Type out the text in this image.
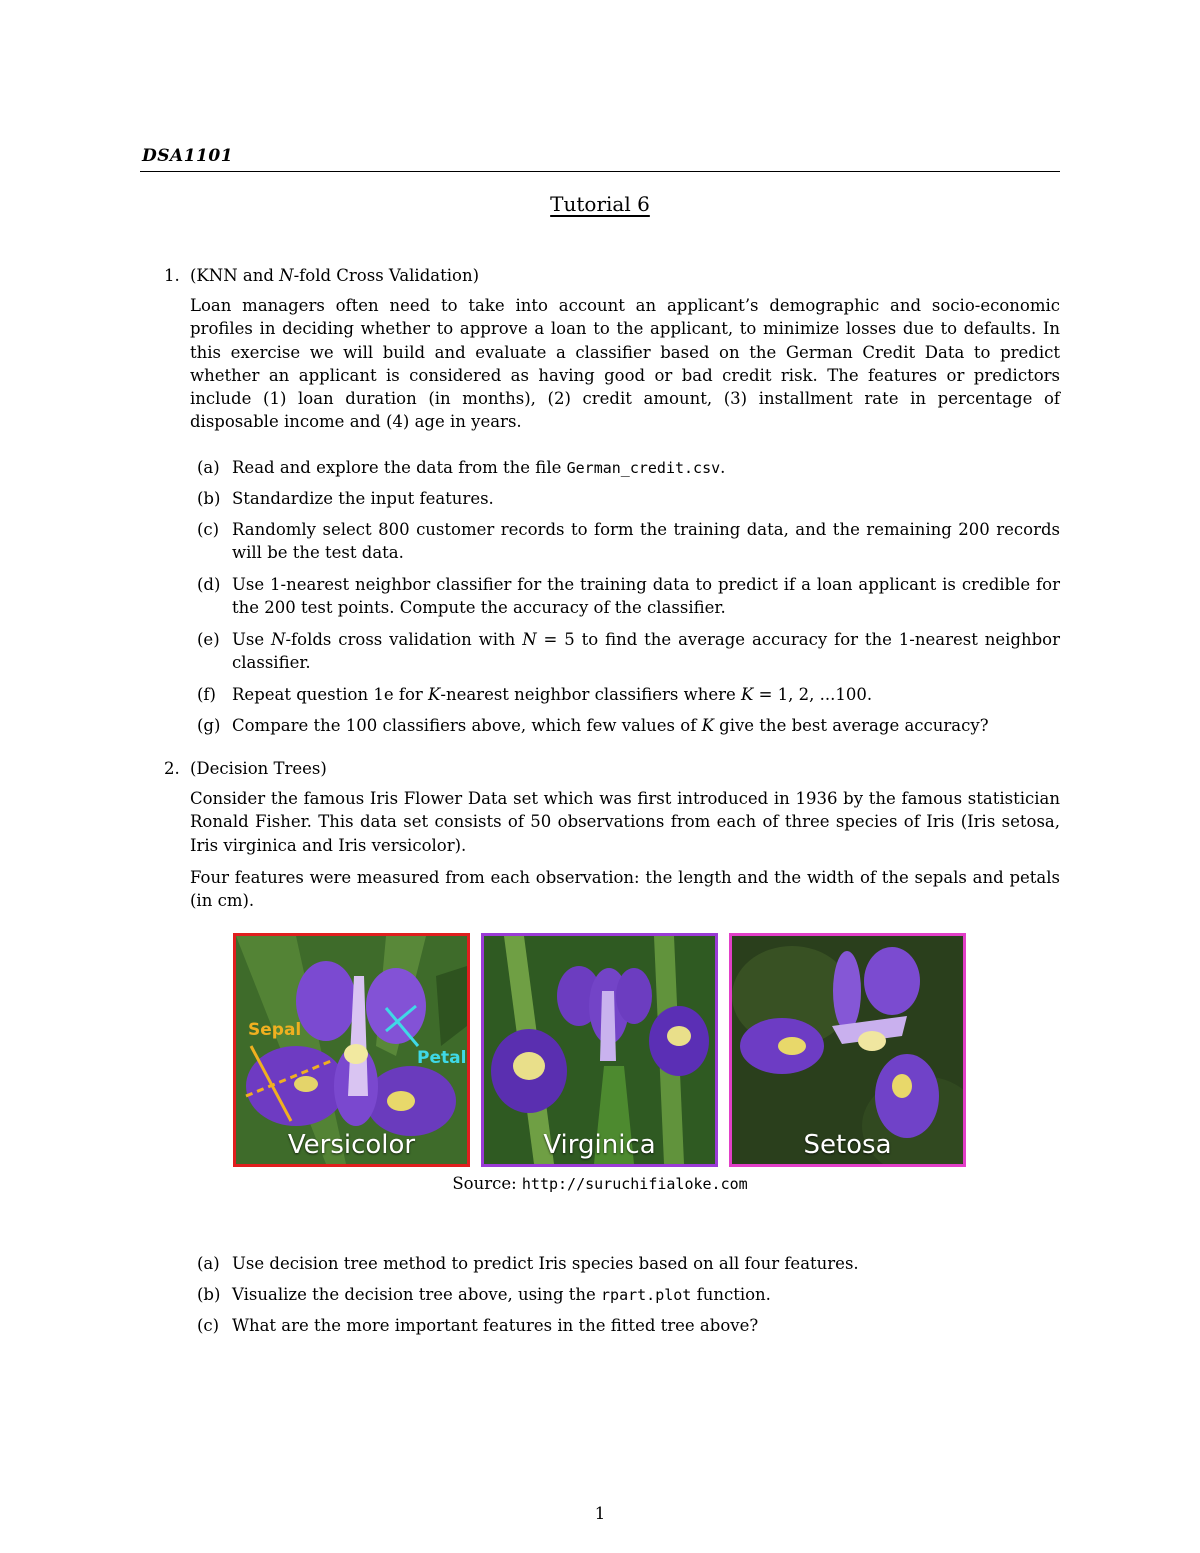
DSA1101
Tutorial 6
1. (KNN and N-fold Cross Validation)
Loan managers often need to take into account an applicant’s demographic and socio-economic profiles in deciding whether to approve a loan to the applicant, to minimize losses due to defaults. In this exercise we will build and evaluate a classifier based on the German Credit Data to predict whether an applicant is considered as having good or bad credit risk. The features or predictors include (1) loan duration (in months), (2) credit amount, (3) installment rate in percentage of disposable income and (4) age in years.
(a) Read and explore the data from the file German_credit.csv.
(b) Standardize the input features.
(c) Randomly select 800 customer records to form the training data, and the remaining 200 records will be the test data.
(d) Use 1-nearest neighbor classifier for the training data to predict if a loan applicant is credible for the 200 test points. Compute the accuracy of the classifier.
(e) Use N-folds cross validation with N = 5 to find the average accuracy for the 1-nearest neighbor classifier.
(f) Repeat question 1e for K-nearest neighbor classifiers where K = 1, 2, ...100.
(g) Compare the 100 classifiers above, which few values of K give the best average accuracy?
2. (Decision Trees)
Consider the famous Iris Flower Data set which was first introduced in 1936 by the famous statistician Ronald Fisher. This data set consists of 50 observations from each of three species of Iris (Iris setosa, Iris virginica and Iris versicolor).
Four features were measured from each observation: the length and the width of the sepals and petals (in cm).
Sepal
Petal
Versicolor	Virginica	Setosa
Source: http://suruchifialoke.com
(a) Use decision tree method to predict Iris species based on all four features.
(b) Visualize the decision tree above, using the rpart.plot function.
(c) What are the more important features in the fitted tree above?
1
